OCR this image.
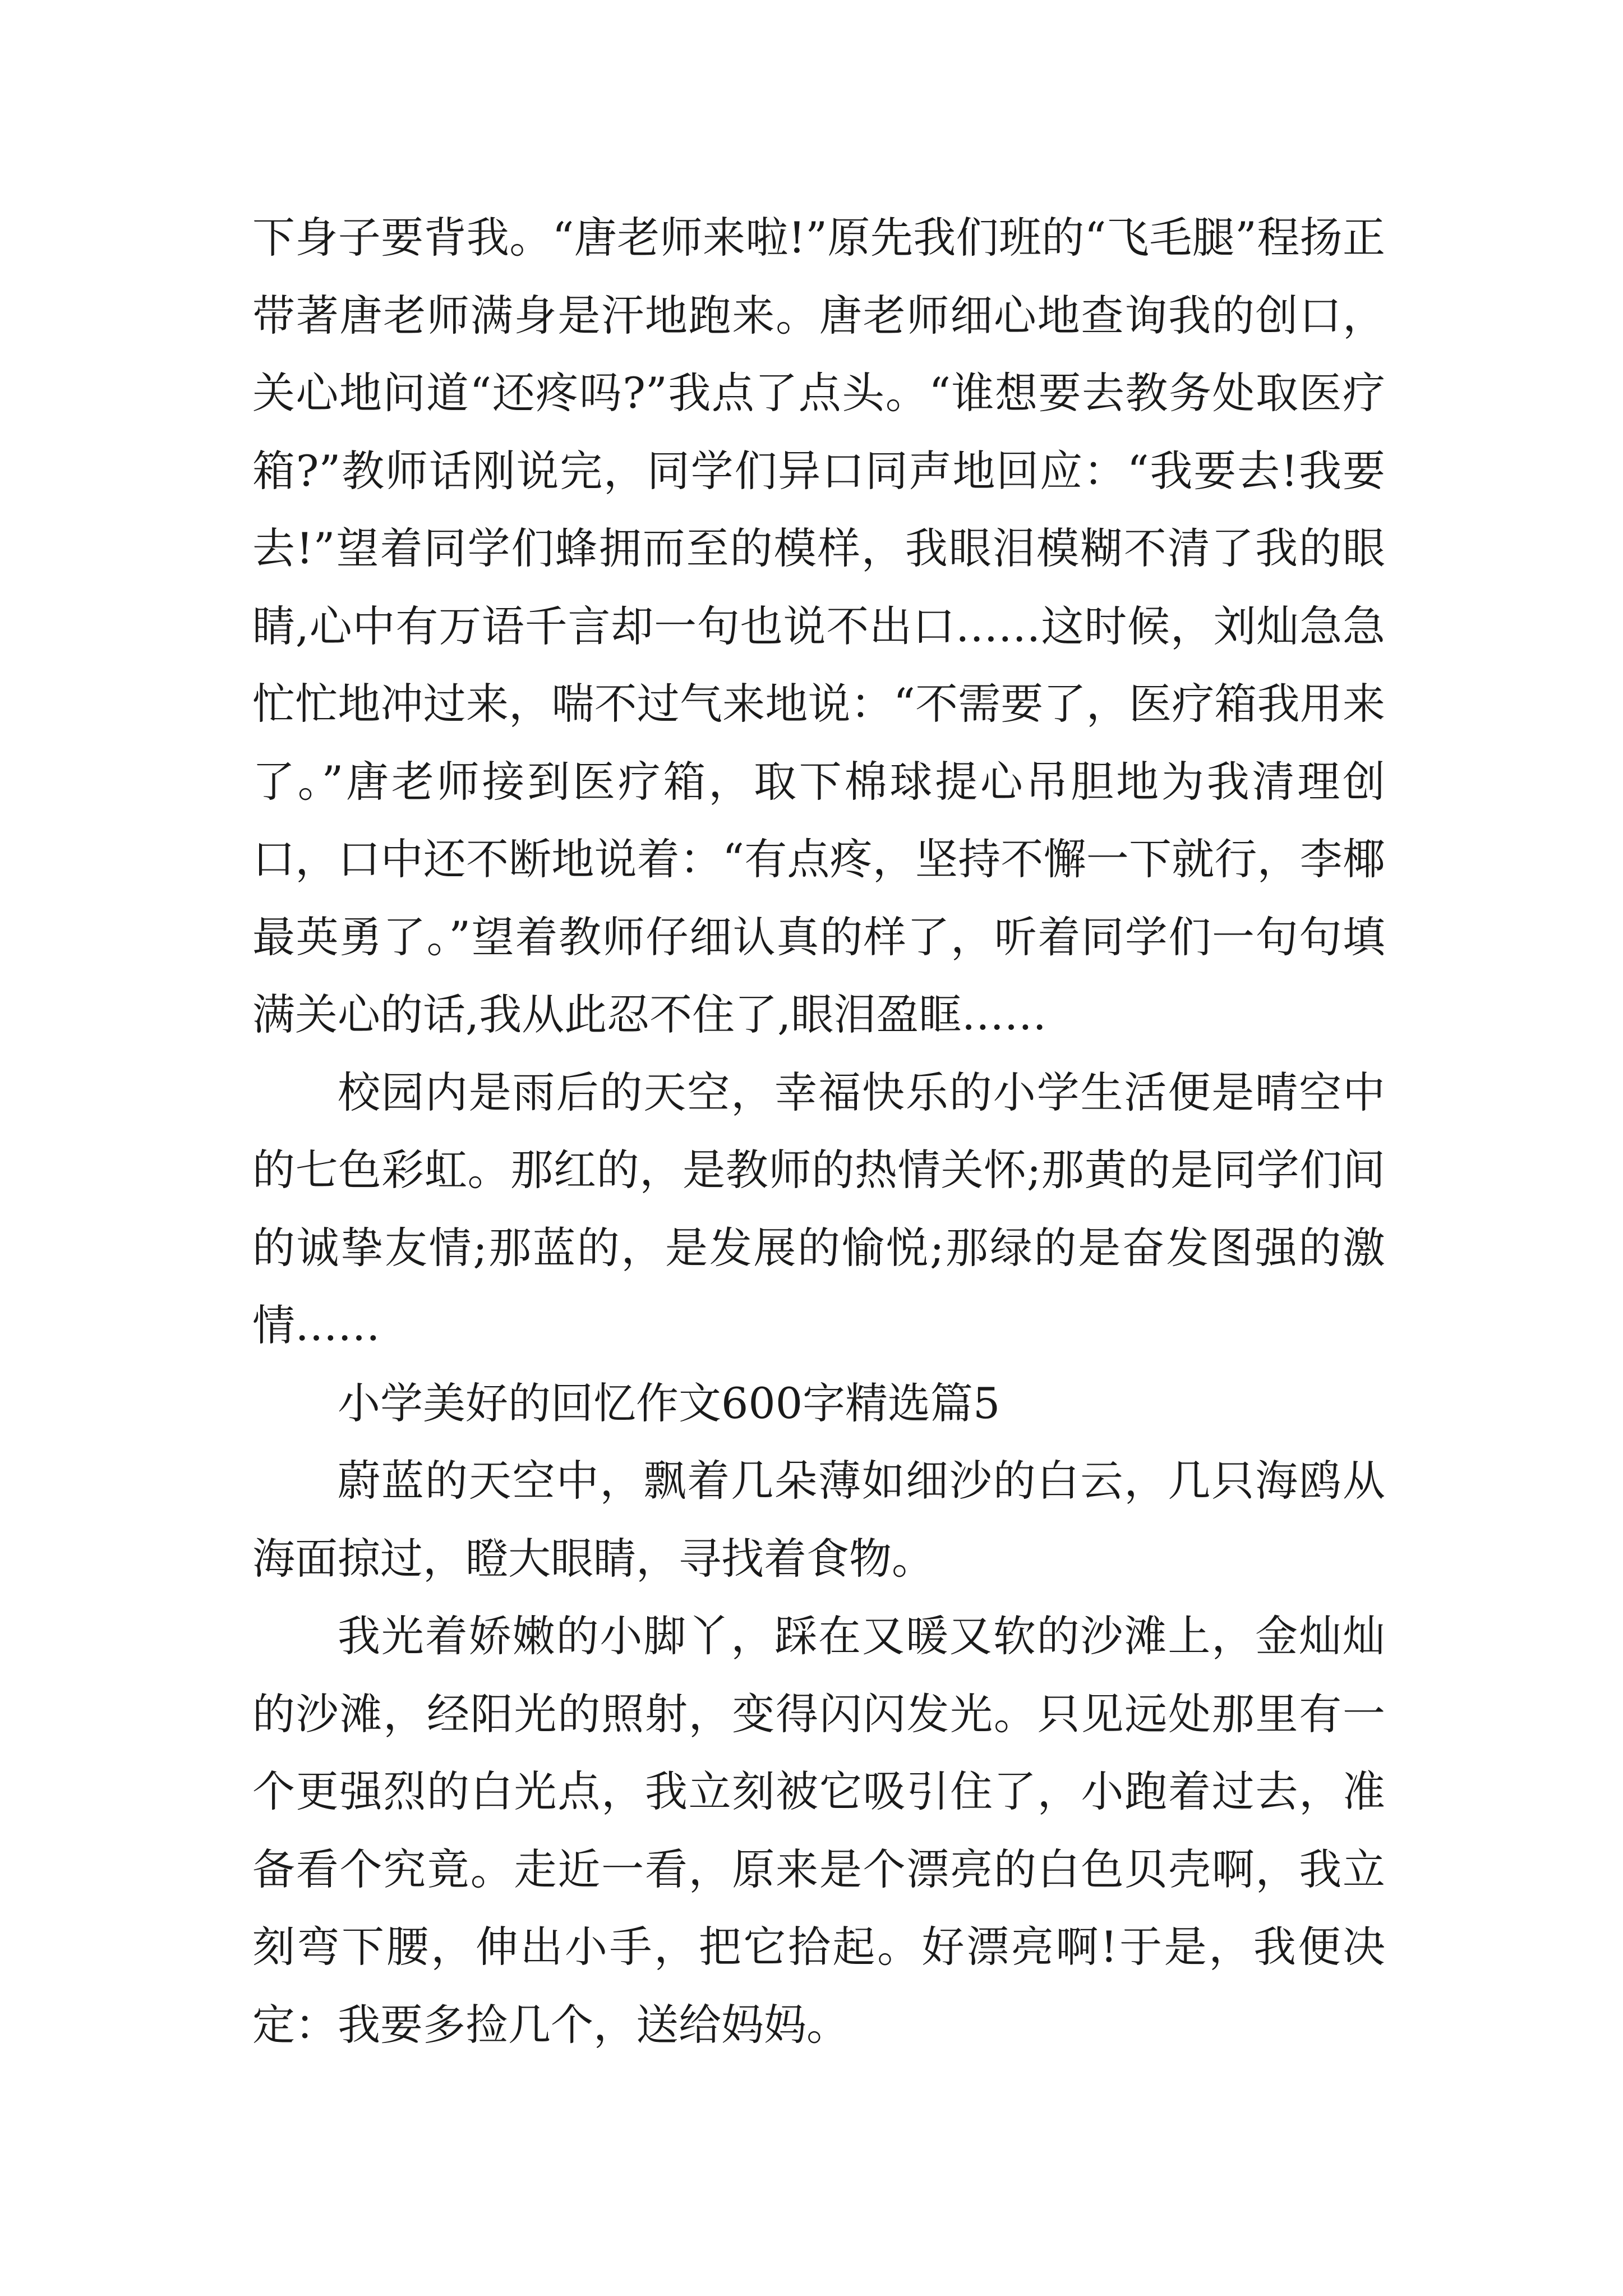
下身子要背我。“唐老师来啦!”原先我们班的“飞毛腿”程扬正带著唐老师满身是汗地跑来。唐老师细心地查询我的创口，关心地问道“还疼吗?”我点了点头。“谁想要去教务处取医疗箱?”教师话刚说完，同学们异口同声地回应：“我要去!我要去!”望着同学们蜂拥而至的模样，我眼泪模糊不清了我的眼睛,心中有万语千言却一句也说不出口……这时候，刘灿急急忙忙地冲过来，喘不过气来地说：“不需要了，医疗箱我用来了。”唐老师接到医疗箱，取下棉球提心吊胆地为我清理创口，口中还不断地说着：“有点疼，坚持不懈一下就行，李椰最英勇了。”望着教师仔细认真的样了，听着同学们一句句填满关心的话,我从此忍不住了,眼泪盈眶……

校园内是雨后的天空，幸福快乐的小学生活便是晴空中的七色彩虹。那红的，是教师的热情关怀;那黄的是同学们间的诚挚友情;那蓝的，是发展的愉悦;那绿的是奋发图强的激情……

小学美好的回忆作文600字精选篇5

蔚蓝的天空中，飘着几朵薄如细沙的白云，几只海鸥从海面掠过，瞪大眼睛，寻找着食物。

我光着娇嫩的小脚丫，踩在又暖又软的沙滩上，金灿灿的沙滩，经阳光的照射，变得闪闪发光。只见远处那里有一个更强烈的白光点，我立刻被它吸引住了，小跑着过去，准备看个究竟。走近一看，原来是个漂亮的白色贝壳啊，我立刻弯下腰，伸出小手，把它拾起。好漂亮啊!于是，我便决定：我要多捡几个，送给妈妈。
